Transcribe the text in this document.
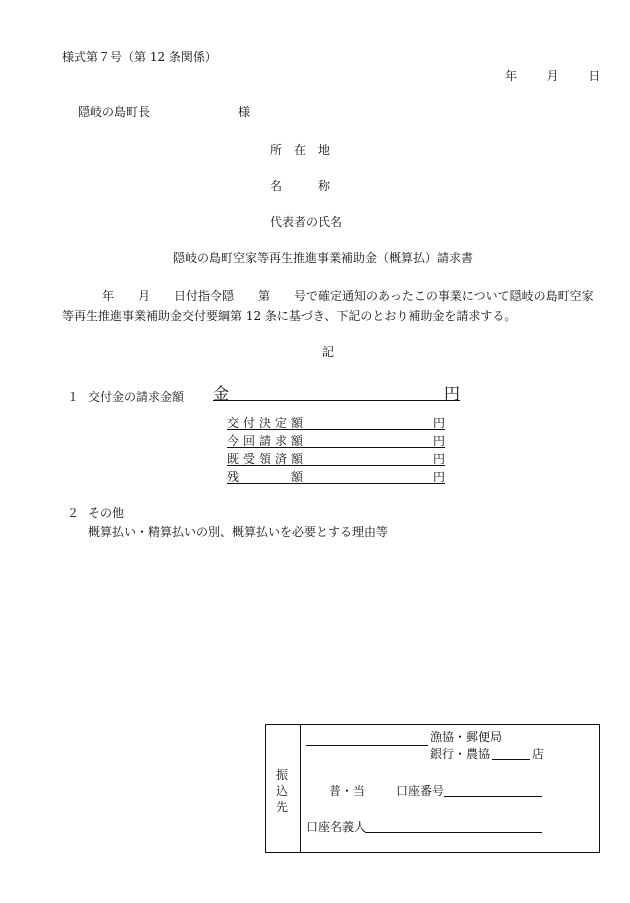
様式第７号（第 12 条関係）
年 月 日
隠岐の島町長	様
所　在　地
名　　　称
代表者の氏名
隠岐の島町空家等再生推進事業補助金（概算払）請求書
年　　月　　日付指令隠　　第　　号で確定通知のあったこの事業について隠岐の島町空家等再生推進事業補助金交付要綱第 12 条に基づき、下記のとおり補助金を請求する。
記
１ 交付金の請求金額 金	円
交付決定額	円
今回請求額	円
既受領済額	円
残　　　額	円
２ その他
概算払い・精算払いの別、概算払いを必要とする理由等
振込先
漁協・郵便局
銀行・農協	店
普・当	口座番号
口座名義人
